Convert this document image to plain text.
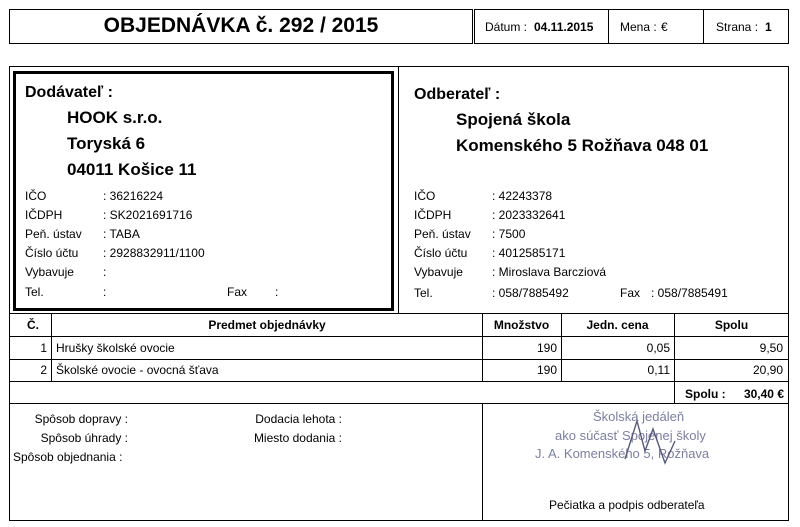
OBJEDNÁVKA č. 292 / 2015	Dátum : 04.11.2015 Mena : €	Strana : 1
Dodávateľ :
HOOK s.r.o.
Toryská 6
04011 Košice 11
IČO	: 36216224
IČDPH	: SK2021691716
Peň. ústav : TABA
Číslo účtu : 2928832911/1100
Vybavuje :
Tel.	:	Fax :
Odberateľ :
Spojená škola
Komenského 5 Rožňava 048 01
IČO	: 42243378
IČDPH	: 2023332641
Peň. ústav : 7500
Číslo účtu : 4012585171
Vybavuje : Miroslava Barcziová
Tel.	: 058/7885492	Fax : 058/7885491
Č.	Predmet objednávky	Množstvo	Jedn. cena	Spolu
1 Hrušky školské ovocie	190	0,05	9,50
2 Školské ovocie - ovocná šťava	190	0,11	20,90
Spolu :	30,40 €
Spôsob dopravy :
Spôsob úhrady :
Spôsob objednania :
Dodacia lehota :
Miesto dodania :
Školská jedáleň
ako súčasť Spojenej školy
J. A. Komenského 5, Rožňava
Pečiatka a podpis odberateľa
